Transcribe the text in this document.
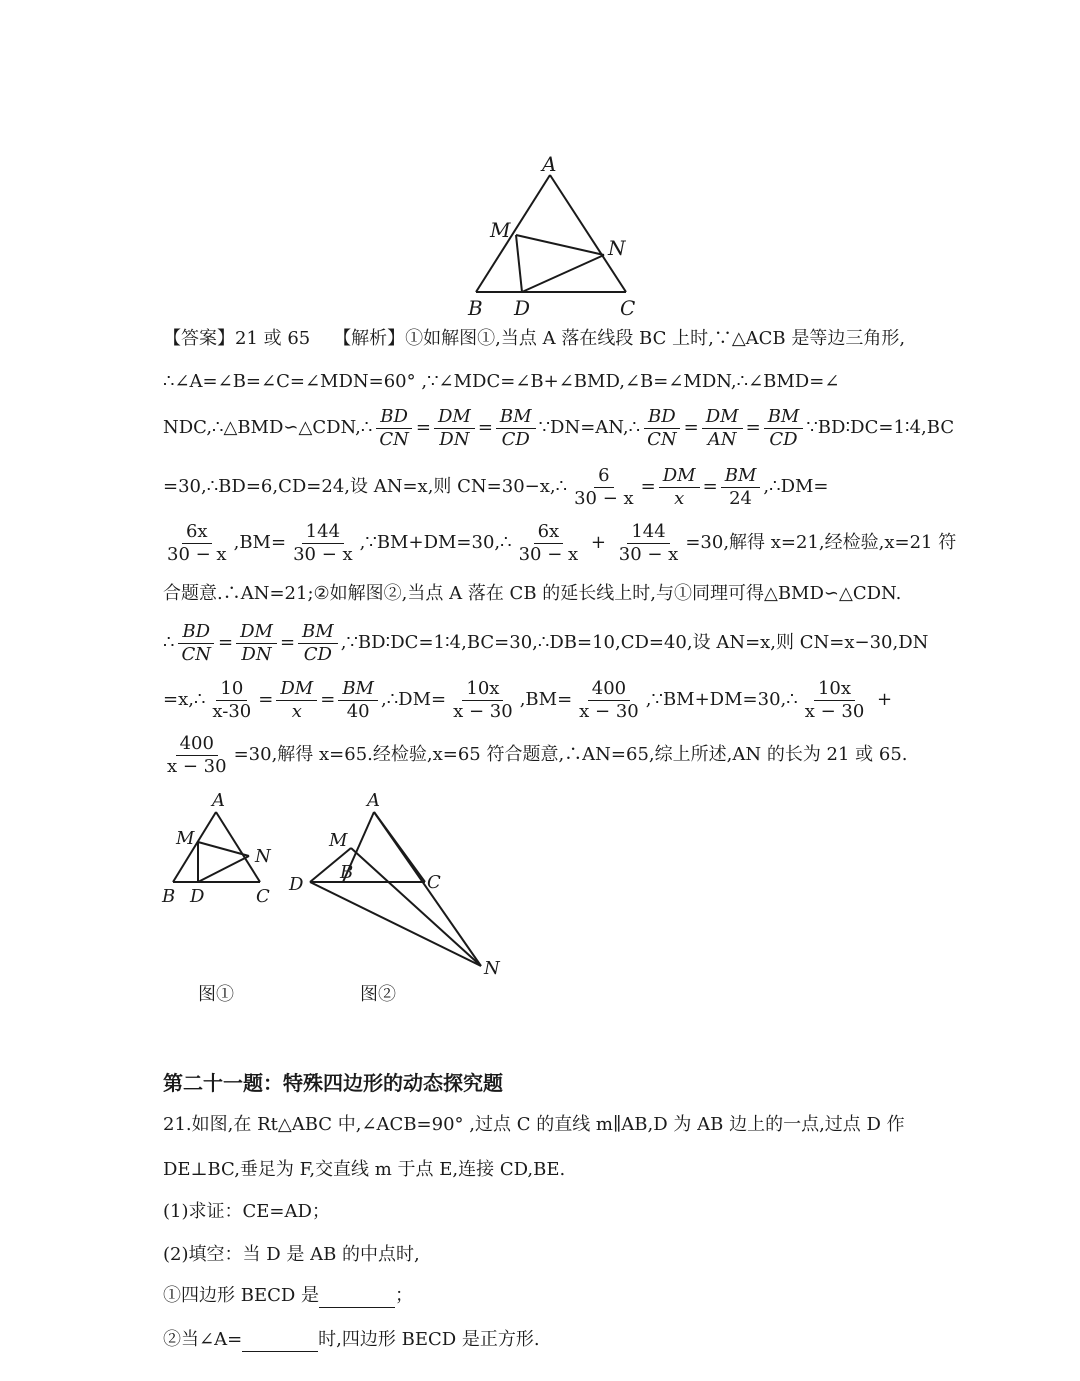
A
M
N
B D	C
【答案】21 或 65 【解析】①如解图①,当点 A 落在线段 BC 上时,∵△ACB 是等边三角形,
∴∠A=∠B=∠C=∠MDN=60° ,∵∠MDC=∠B+∠BMD,∠B=∠MDN,∴∠BMD=∠
NDC,∴△BMD∽△CDN,∴ $\frac{BD}{CN} = \frac{DM}{DN} = \frac{BM}{CD}$ ∵DN=AN,∴ $\frac{BD}{CN} = \frac{DM}{AN} = \frac{BM}{CD}$ ∵BD∶DC=1∶4,BC
=30,∴BD=6,CD=24,设 AN=x,则 CN=30−x,∴ $\frac{6}{30 - x} = \frac{DM}{x} = \frac{BM}{24}$ ,∴DM=
$\frac{6x}{30 - x} ,BM= \frac{144}{30 - x}$ ,∵BM+DM=30,∴ $\frac{6x}{30 - x} + \frac{144}{30 - x} =30$,解得 x=21,经检验,x=21 符
合题意.∴AN=21;②如解图②,当点 A 落在 CB 的延长线上时,与①同理可得△BMD∽△CDN.
∴ $\frac{BD}{CN} = \frac{DM}{DN} = \frac{BM}{CD}$ ,∵BD∶DC=1∶4,BC=30,∴DB=10,CD=40,设 AN=x,则 CN=x−30,DN
=x,∴ $\frac{10}{x-30} = \frac{DM}{x} = \frac{BM}{40}$ ,∴DM= $\frac{10x}{x - 30} ,BM= \frac{400}{x - 30}$ ,∵BM+DM=30,∴ $\frac{10x}{x - 30}$ +
$\frac{400}{x - 30} =30$,解得 x=65.经检验,x=65 符合题意,∴AN=65,综上所述,AN 的长为 21 或 65.
A
M
N
B D	C
A
M
B
D	C
N
图①	图②
第二十一题：特殊四边形的动态探究题
21.如图,在 Rt△ABC 中,∠ACB=90° ,过点 C 的直线 m∥AB,D 为 AB 边上的一点,过点 D 作
DE⊥BC,垂足为 F,交直线 m 于点 E,连接 CD,BE.
(1)求证：CE=AD；
(2)填空：当 D 是 AB 的中点时,
①四边形 BECD 是	；
②当∠A=	时,四边形 BECD 是正方形.
